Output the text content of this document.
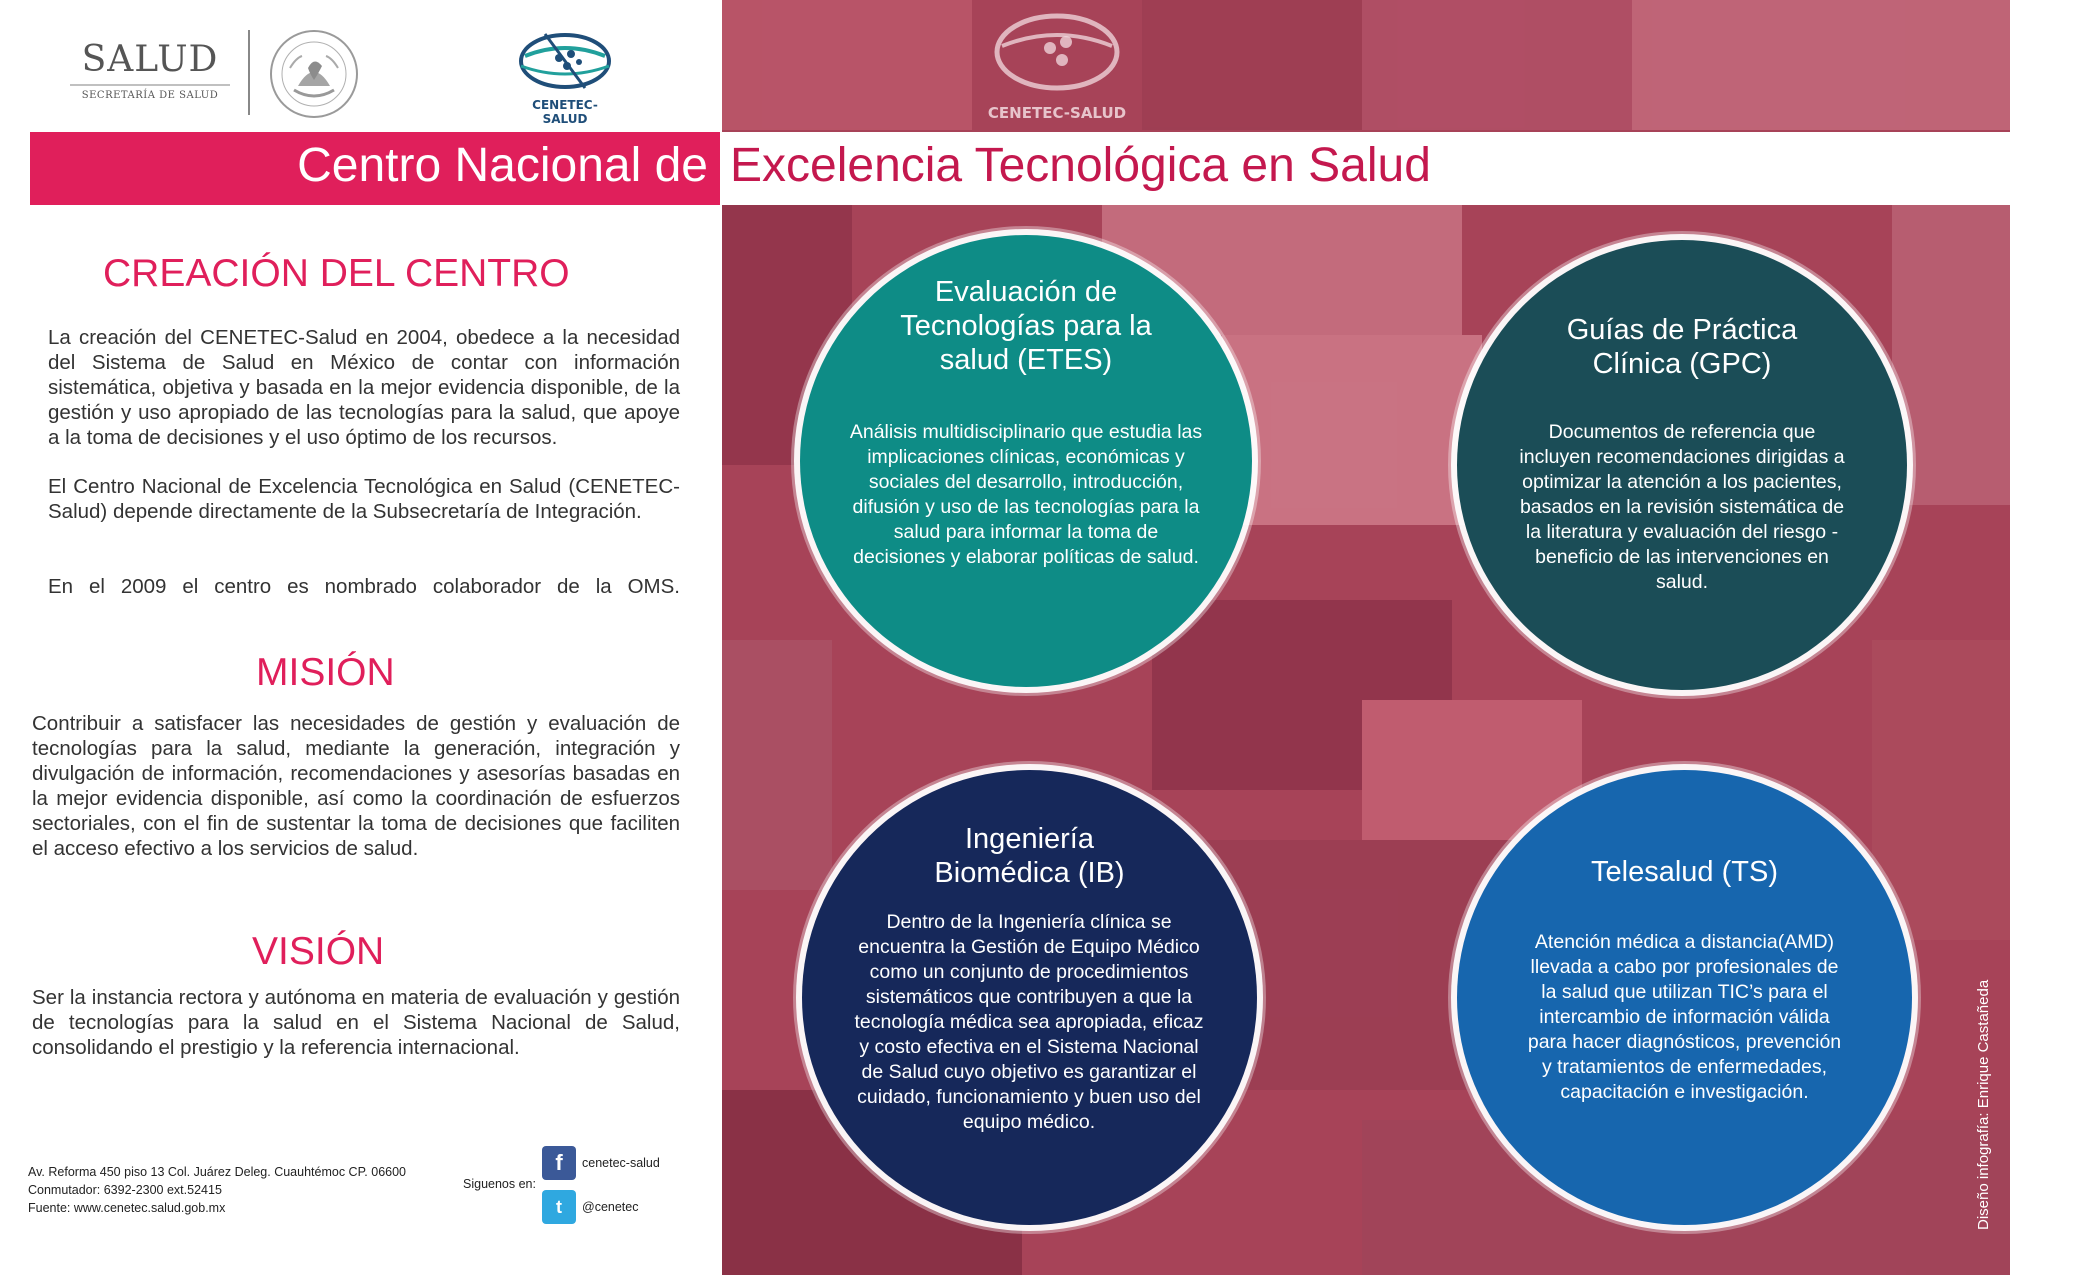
SALUD
SECRETARÍA DE SALUD
CENETEC-SALUD
CREACIÓN DEL CENTRO

La creación del CENETEC-Salud en 2004, obedece a la necesidad del Sistema de Salud en México de contar con información sistemática, objetiva y basada en la mejor evidencia disponible, de la gestión y uso apropiado de las tecnologías para la salud, que apoye a la toma de decisiones y el uso óptimo de los recursos.

El Centro Nacional de Excelencia Tecnológica en Salud (CENETEC-Salud) depende directamente de la Subsecretaría de Integración.

En el 2009 el centro es nombrado colaborador de la OMS.

MISIÓN

Contribuir a satisfacer las necesidades de gestión y evaluación de tecnologías para la salud, mediante la generación, integración y divulgación de información, recomendaciones y asesorías basadas en la mejor evidencia disponible, así como la coordinación de esfuerzos sectoriales, con el fin de sustentar la toma de decisiones que faciliten el acceso efectivo a los servicios de salud.

VISIÓN

Ser la instancia rectora y autónoma en materia de evaluación y gestión de tecnologías para la salud en el Sistema Nacional de Salud, consolidando el prestigio y la referencia internacional.

Av. Reforma 450 piso 13 Col. Juárez Deleg. Cuauhtémoc CP. 06600
Conmutador: 6392-2300 ext.52415
Fuente: www.cenetec.salud.gob.mx
Siguenos en:
f	cenetec-salud
t	@cenetec
CENETEC-SALUD
Evaluación de Tecnologías para la salud (ETES)

Análisis multidisciplinario que estudia las implicaciones clínicas, económicas y sociales del desarrollo, introducción, difusión y uso de las tecnologías para la salud para informar la toma de decisiones y elaborar políticas de salud.

Guías de Práctica Clínica (GPC)

Documentos de referencia que incluyen recomendaciones dirigidas a optimizar la atención a los pacientes, basados en la revisión sistemática de la literatura y evaluación del riesgo - beneficio de las intervenciones en salud.

Ingeniería Biomédica (IB)

Dentro de la Ingeniería clínica se encuentra la Gestión de Equipo Médico como un conjunto de procedimientos sistemáticos que contribuyen a que la tecnología médica sea apropiada, eficaz y costo efectiva en el Sistema Nacional de Salud cuyo objetivo es garantizar el cuidado, funcionamiento y buen uso del equipo médico.

Telesalud (TS)

Atención médica a distancia(AMD) llevada a cabo por profesionales de la salud que utilizan TIC’s para el intercambio de información válida para hacer diagnósticos, prevención y tratamientos de enfermedades, capacitación e investigación.	Diseño infografía: Enrique Castañeda
Centro Nacional de Excelencia Tecnológica en Salud
